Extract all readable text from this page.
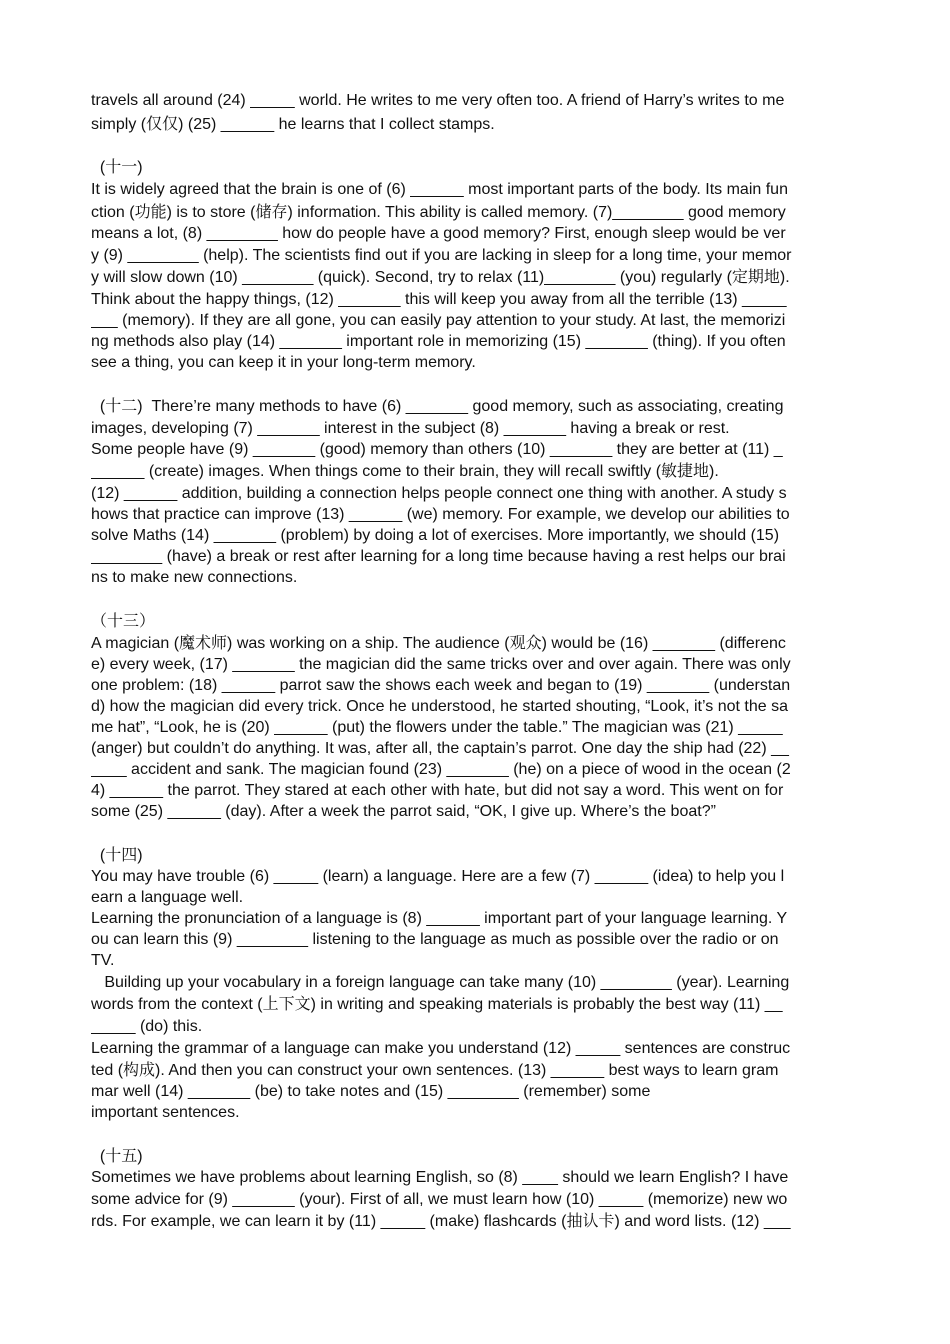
travels all around (24) _____ world. He writes to me very often too. A friend of Harry’s writes to me
simply (仅仅) (25) ______ he learns that I collect stamps.
(十一)
It is widely agreed that the brain is one of (6) ______ most important parts of the body. Its main fun
ction (功能) is to store (储存) information. This ability is called memory. (7)________ good memory
means a lot, (8) ________ how do people have a good memory? First, enough sleep would be ver
y (9) ________ (help). The scientists find out if you are lacking in sleep for a long time, your memor
y will slow down (10) ________ (quick). Second, try to relax (11)________ (you) regularly (定期地).
Think about the happy things, (12) _______ this will keep you away from all the terrible (13) _____
___ (memory). If they are all gone, you can easily pay attention to your study. At last, the memorizi
ng methods also play (14) _______ important role in memorizing (15) _______ (thing). If you often
see a thing, you can keep it in your long-term memory.
(十二)  There’re many methods to have (6) _______ good memory, such as associating, creating
images, developing (7) _______ interest in the subject (8) _______ having a break or rest.
Some people have (9) _______ (good) memory than others (10) _______ they are better at (11) _
______ (create) images. When things come to their brain, they will recall swiftly (敏捷地).
(12) ______ addition, building a connection helps people connect one thing with another. A study s
hows that practice can improve (13) ______ (we) memory. For example, we develop our abilities to
solve Maths (14) _______ (problem) by doing a lot of exercises. More importantly, we should (15)
________ (have) a break or rest after learning for a long time because having a rest helps our brai
ns to make new connections.
（十三）
A magician (魔术师) was working on a ship. The audience (观众) would be (16) _______ (differenc
e) every week, (17) _______ the magician did the same tricks over and over again. There was only
one problem: (18) ______ parrot saw the shows each week and began to (19) _______ (understan
d) how the magician did every trick. Once he understood, he started shouting, “Look, it’s not the sa
me hat”, “Look, he is (20) ______ (put) the flowers under the table.” The magician was (21) _____
(anger) but couldn’t do anything. It was, after all, the captain’s parrot. One day the ship had (22) __
____ accident and sank. The magician found (23) _______ (he) on a piece of wood in the ocean (2
4) ______ the parrot. They stared at each other with hate, but did not say a word. This went on for
some (25) ______ (day). After a week the parrot said, “OK, I give up. Where’s the boat?”
(十四)
You may have trouble (6) _____ (learn) a language. Here are a few (7) ______ (idea) to help you l
earn a language well.
Learning the pronunciation of a language is (8) ______ important part of your language learning. Y
ou can learn this (9) ________ listening to the language as much as possible over the radio or on
TV.
Building up your vocabulary in a foreign language can take many (10) ________ (year). Learning
words from the context (上下文) in writing and speaking materials is probably the best way (11) __
_____ (do) this.
Learning the grammar of a language can make you understand (12) _____ sentences are construc
ted (构成). And then you can construct your own sentences. (13) ______ best ways to learn gram
mar well (14) _______ (be) to take notes and (15) ________ (remember) some
important sentences.
(十五)
Sometimes we have problems about learning English, so (8) ____ should we learn English? I have
some advice for (9) _______ (your). First of all, we must learn how (10) _____ (memorize) new wo
rds. For example, we can learn it by (11) _____ (make) flashcards (抽认卡) and word lists. (12) ___
